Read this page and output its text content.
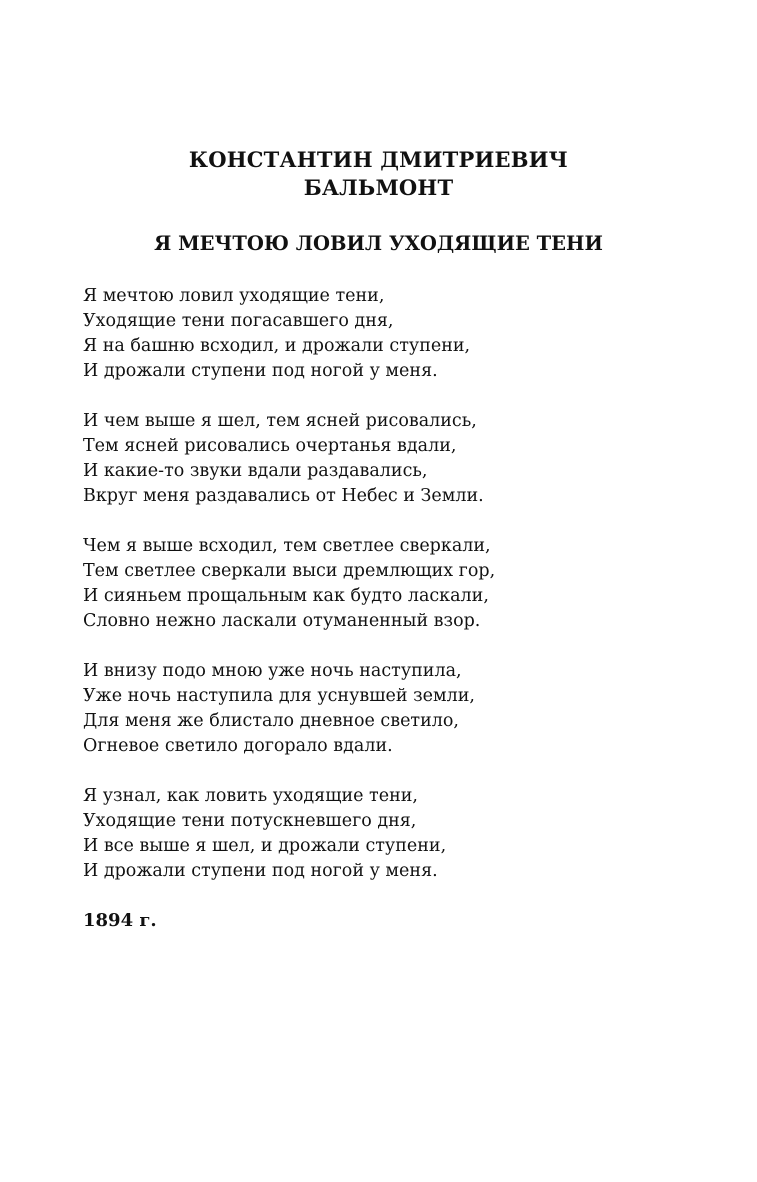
КОНСТАНТИН ДМИТРИЕВИЧ
БАЛЬМОНТ
Я МЕЧТОЮ ЛОВИЛ УХОДЯЩИЕ ТЕНИ
Я мечтою ловил уходящие тени,
Уходящие тени погасавшего дня,
Я на башню всходил, и дрожали ступени,
И дрожали ступени под ногой у меня.
И чем выше я шел, тем ясней рисовались,
Тем ясней рисовались очертанья вдали,
И какие-то звуки вдали раздавались,
Вкруг меня раздавались от Небес и Земли.
Чем я выше всходил, тем светлее сверкали,
Тем светлее сверкали выси дремлющих гор,
И сияньем прощальным как будто ласкали,
Словно нежно ласкали отуманенный взор.
И внизу подо мною уже ночь наступила,
Уже ночь наступила для уснувшей земли,
Для меня же блистало дневное светило,
Огневое светило догорало вдали.
Я узнал, как ловить уходящие тени,
Уходящие тени потускневшего дня,
И все выше я шел, и дрожали ступени,
И дрожали ступени под ногой у меня.
1894 г.
